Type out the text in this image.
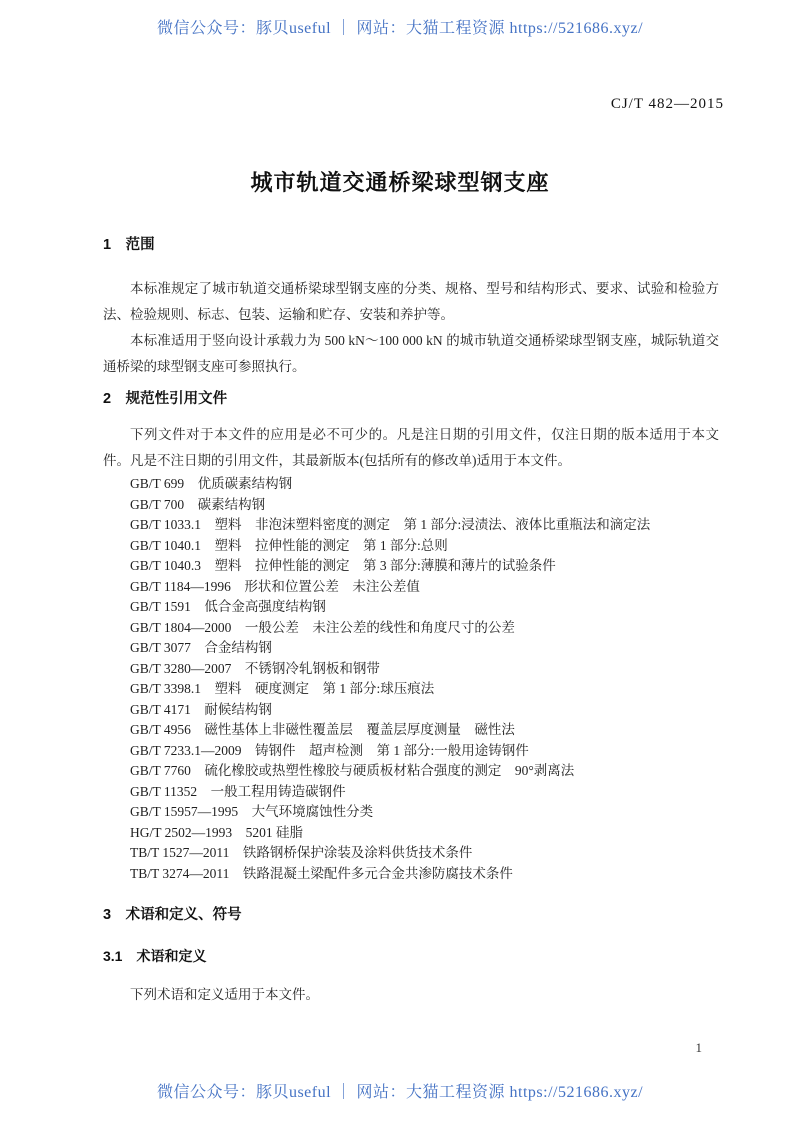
微信公众号：豚贝useful ｜ 网站：大猫工程资源 https://521686.xyz/
CJ/T 482—2015
城市轨道交通桥梁球型钢支座
1　范围

本标准规定了城市轨道交通桥梁球型钢支座的分类、规格、型号和结构形式、要求、试验和检验方法、检验规则、标志、包装、运输和贮存、安装和养护等。

本标准适用于竖向设计承载力为 500 kN～100 000 kN 的城市轨道交通桥梁球型钢支座，城际轨道交通桥梁的球型钢支座可参照执行。

2　规范性引用文件

下列文件对于本文件的应用是必不可少的。凡是注日期的引用文件，仅注日期的版本适用于本文件。凡是不注日期的引用文件，其最新版本(包括所有的修改单)适用于本文件。

GB/T 699　优质碳素结构钢
GB/T 700　碳素结构钢
GB/T 1033.1　塑料　非泡沫塑料密度的测定　第 1 部分:浸渍法、液体比重瓶法和滴定法
GB/T 1040.1　塑料　拉伸性能的测定　第 1 部分:总则
GB/T 1040.3　塑料　拉伸性能的测定　第 3 部分:薄膜和薄片的试验条件
GB/T 1184—1996　形状和位置公差　未注公差值
GB/T 1591　低合金高强度结构钢
GB/T 1804—2000　一般公差　未注公差的线性和角度尺寸的公差
GB/T 3077　合金结构钢
GB/T 3280—2007　不锈钢冷轧钢板和钢带
GB/T 3398.1　塑料　硬度测定　第 1 部分:球压痕法
GB/T 4171　耐候结构钢
GB/T 4956　磁性基体上非磁性覆盖层　覆盖层厚度测量　磁性法
GB/T 7233.1—2009　铸钢件　超声检测　第 1 部分:一般用途铸钢件
GB/T 7760　硫化橡胶或热塑性橡胶与硬质板材粘合强度的测定　90°剥离法
GB/T 11352　一般工程用铸造碳钢件
GB/T 15957—1995　大气环境腐蚀性分类
HG/T 2502—1993　5201 硅脂
TB/T 1527—2011　铁路钢桥保护涂装及涂料供货技术条件
TB/T 3274—2011　铁路混凝土梁配件多元合金共渗防腐技术条件
3　术语和定义、符号
3.1　术语和定义

下列术语和定义适用于本文件。

1
微信公众号：豚贝useful ｜ 网站：大猫工程资源 https://521686.xyz/
